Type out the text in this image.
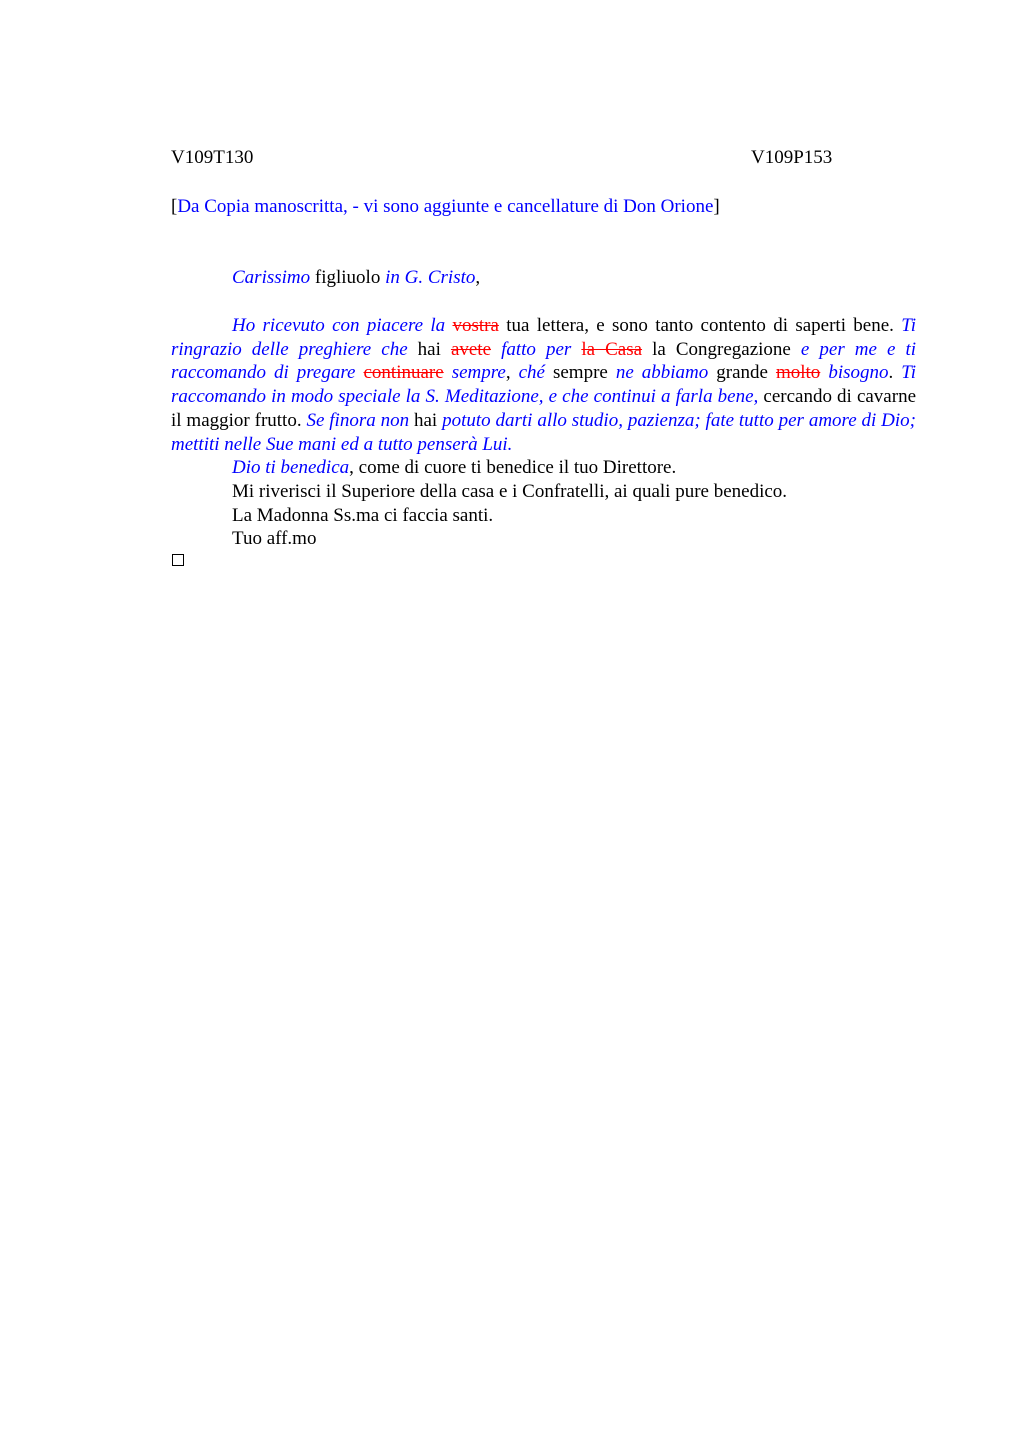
V109T130	V109P153
[Da Copia manoscritta, - vi sono aggiunte e cancellature di Don Orione]
Carissimo figliuolo in G. Cristo,

Ho ricevuto con piacere la vostra tua lettera, e sono tanto contento di saperti bene. Ti ringrazio delle preghiere che hai avete fatto per la Casa la Congregazione e per me e ti raccomando di pregare continuare sempre, ché sempre ne abbiamo grande molto bisogno. Ti raccomando in modo speciale la S. Meditazione, e che continui a farla bene, cercando di cavarne il maggior frutto. Se finora non hai potuto darti allo studio, pazienza; fate tutto per amore di Dio; mettiti nelle Sue mani ed a tutto penserà Lui.

Dio ti benedica, come di cuore ti benedice il tuo Direttore.

Mi riverisci il Superiore della casa e i Confratelli, ai quali pure benedico.

La Madonna Ss.ma ci faccia santi.

Tuo aff.mo
